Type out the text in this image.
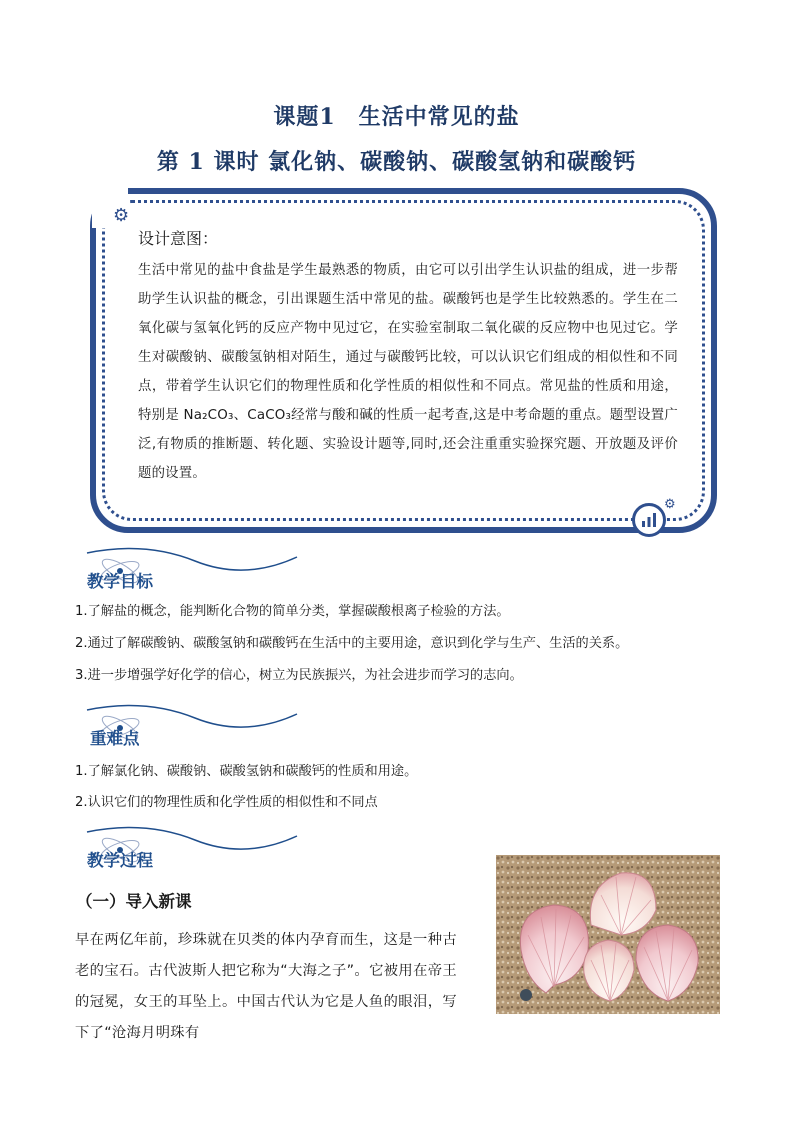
课题1　生活中常见的盐
第 1 课时 氯化钠、碳酸钠、碳酸氢钠和碳酸钙
⚙
⚙
设计意图：
生活中常见的盐中食盐是学生最熟悉的物质，由它可以引出学生认识盐的组成，进一步帮助学生认识盐的概念，引出课题生活中常见的盐。碳酸钙也是学生比较熟悉的。学生在二氧化碳与氢氧化钙的反应产物中见过它，在实验室制取二氧化碳的反应物中也见过它。学生对碳酸钠、碳酸氢钠相对陌生，通过与碳酸钙比较，可以认识它们组成的相似性和不同点，带着学生认识它们的物理性质和化学性质的相似性和不同点。常见盐的性质和用途，特别是 Na₂CO₃、CaCO₃经常与酸和碱的性质一起考查,这是中考命题的重点。题型设置广泛,有物质的推断题、转化题、实验设计题等,同时,还会注重重实验探究题、开放题及评价题的设置。
教学目标
1.了解盐的概念，能判断化合物的简单分类，掌握碳酸根离子检验的方法。
2.通过了解碳酸钠、碳酸氢钠和碳酸钙在生活中的主要用途，意识到化学与生产、生活的关系。
3.进一步增强学好化学的信心，树立为民族振兴，为社会进步而学习的志向。
重难点
1.了解氯化钠、碳酸钠、碳酸氢钠和碳酸钙的性质和用途。
2.认识它们的物理性质和化学性质的相似性和不同点
教学过程
（一）导入新课
早在两亿年前，珍珠就在贝类的体内孕育而生，这是一种古老的宝石。古代波斯人把它称为“大海之子”。它被用在帝王的冠冕，女王的耳坠上。中国古代认为它是人鱼的眼泪，写下了“沧海月明珠有
